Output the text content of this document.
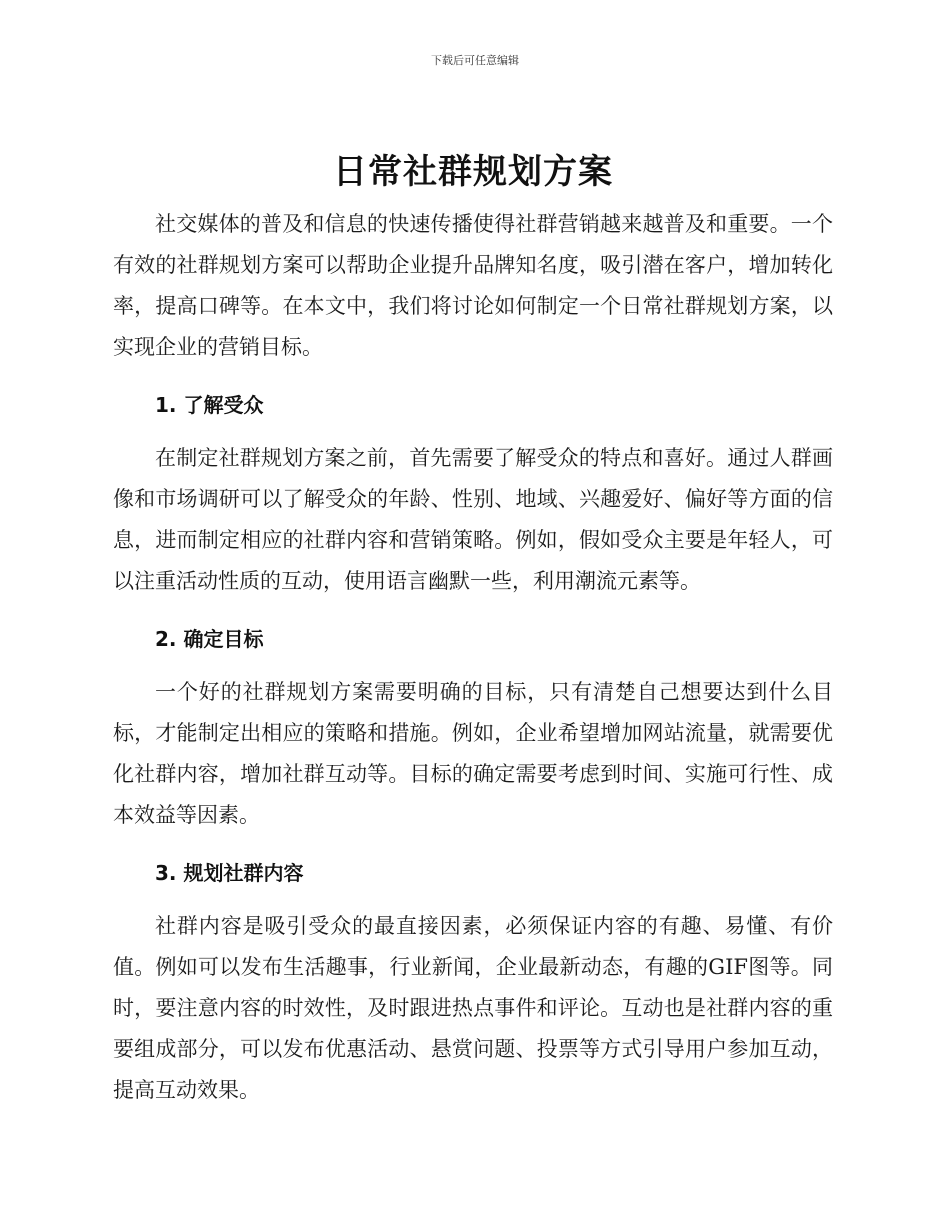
下载后可任意编辑
日常社群规划方案

社交媒体的普及和信息的快速传播使得社群营销越来越普及和重要。一个有效的社群规划方案可以帮助企业提升品牌知名度，吸引潜在客户，增加转化率，提高口碑等。在本文中，我们将讨论如何制定一个日常社群规划方案，以实现企业的营销目标。

1. 了解受众

在制定社群规划方案之前，首先需要了解受众的特点和喜好。通过人群画像和市场调研可以了解受众的年龄、性别、地域、兴趣爱好、偏好等方面的信息，进而制定相应的社群内容和营销策略。例如，假如受众主要是年轻人，可以注重活动性质的互动，使用语言幽默一些，利用潮流元素等。

2. 确定目标

一个好的社群规划方案需要明确的目标，只有清楚自己想要达到什么目标，才能制定出相应的策略和措施。例如，企业希望增加网站流量，就需要优化社群内容，增加社群互动等。目标的确定需要考虑到时间、实施可行性、成本效益等因素。

3. 规划社群内容

社群内容是吸引受众的最直接因素，必须保证内容的有趣、易懂、有价值。例如可以发布生活趣事，行业新闻，企业最新动态，有趣的GIF图等。同时，要注意内容的时效性，及时跟进热点事件和评论。互动也是社群内容的重要组成部分，可以发布优惠活动、悬赏问题、投票等方式引导用户参加互动，提高互动效果。
